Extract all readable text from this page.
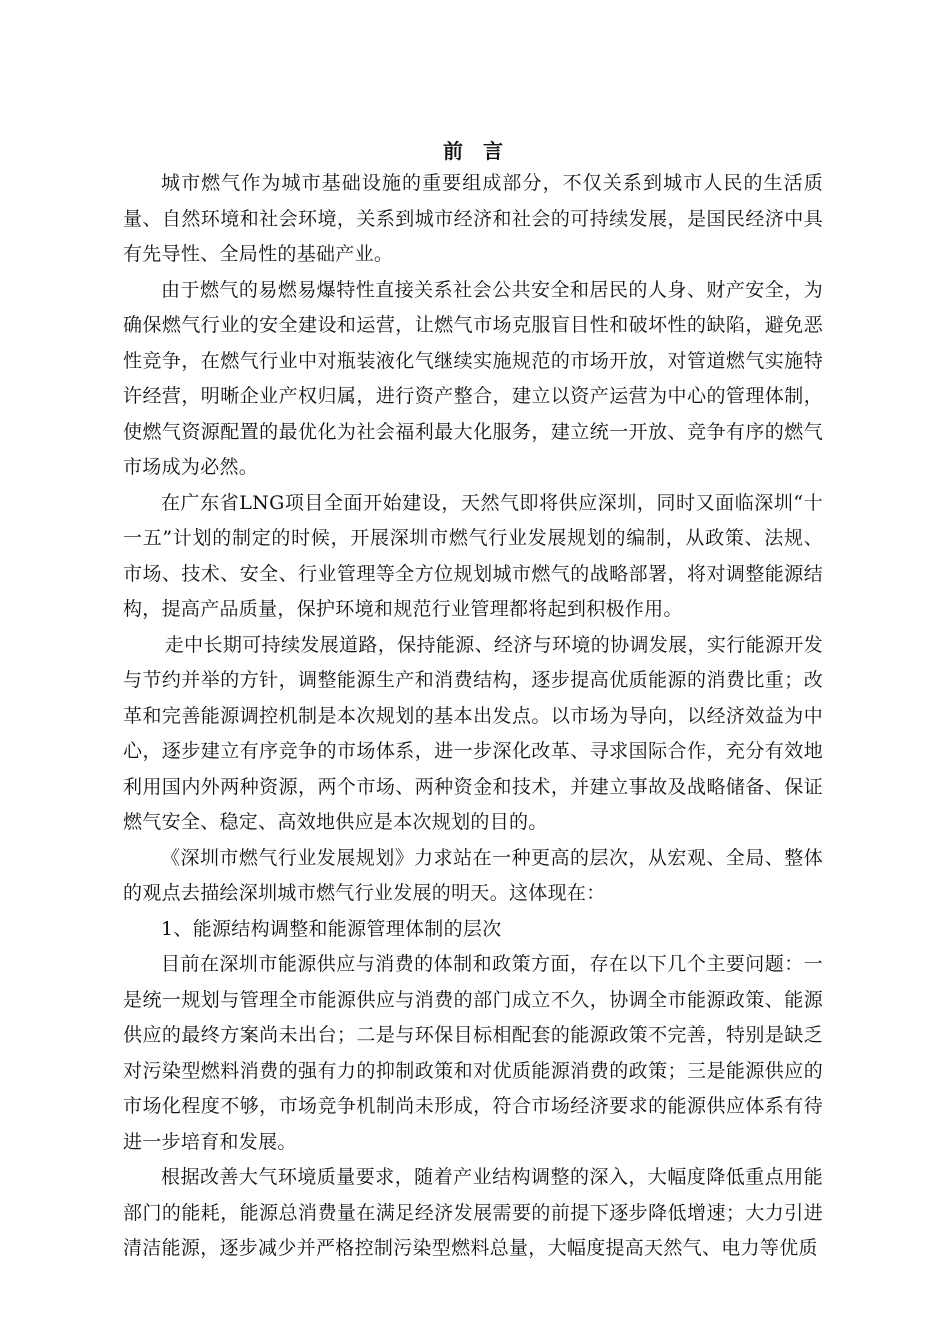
前 言

城市燃气作为城市基础设施的重要组成部分，不仅关系到城市人民的生活质量、自然环境和社会环境，关系到城市经济和社会的可持续发展，是国民经济中具有先导性、全局性的基础产业。

由于燃气的易燃易爆特性直接关系社会公共安全和居民的人身、财产安全，为确保燃气行业的安全建设和运营，让燃气市场克服盲目性和破坏性的缺陷，避免恶性竞争，在燃气行业中对瓶装液化气继续实施规范的市场开放，对管道燃气实施特许经营，明晰企业产权归属，进行资产整合，建立以资产运营为中心的管理体制，使燃气资源配置的最优化为社会福利最大化服务，建立统一开放、竞争有序的燃气市场成为必然。

在广东省LNG项目全面开始建设，天然气即将供应深圳，同时又面临深圳“十一五”计划的制定的时候，开展深圳市燃气行业发展规划的编制，从政策、法规、市场、技术、安全、行业管理等全方位规划城市燃气的战略部署，将对调整能源结构，提高产品质量，保护环境和规范行业管理都将起到积极作用。

走中长期可持续发展道路，保持能源、经济与环境的协调发展，实行能源开发与节约并举的方针，调整能源生产和消费结构，逐步提高优质能源的消费比重；改革和完善能源调控机制是本次规划的基本出发点。以市场为导向，以经济效益为中心，逐步建立有序竞争的市场体系，进一步深化改革、寻求国际合作，充分有效地利用国内外两种资源，两个市场、两种资金和技术，并建立事故及战略储备、保证燃气安全、稳定、高效地供应是本次规划的目的。

《深圳市燃气行业发展规划》力求站在一种更高的层次，从宏观、全局、整体的观点去描绘深圳城市燃气行业发展的明天。这体现在：

1、能源结构调整和能源管理体制的层次

目前在深圳市能源供应与消费的体制和政策方面，存在以下几个主要问题：一是统一规划与管理全市能源供应与消费的部门成立不久，协调全市能源政策、能源供应的最终方案尚未出台；二是与环保目标相配套的能源政策不完善，特别是缺乏对污染型燃料消费的强有力的抑制政策和对优质能源消费的政策；三是能源供应的市场化程度不够，市场竞争机制尚未形成，符合市场经济要求的能源供应体系有待进一步培育和发展。

根据改善大气环境质量要求，随着产业结构调整的深入，大幅度降低重点用能部门的能耗，能源总消费量在满足经济发展需要的前提下逐步降低增速；大力引进清洁能源，逐步减少并严格控制污染型燃料总量，大幅度提高天然气、电力等优质
